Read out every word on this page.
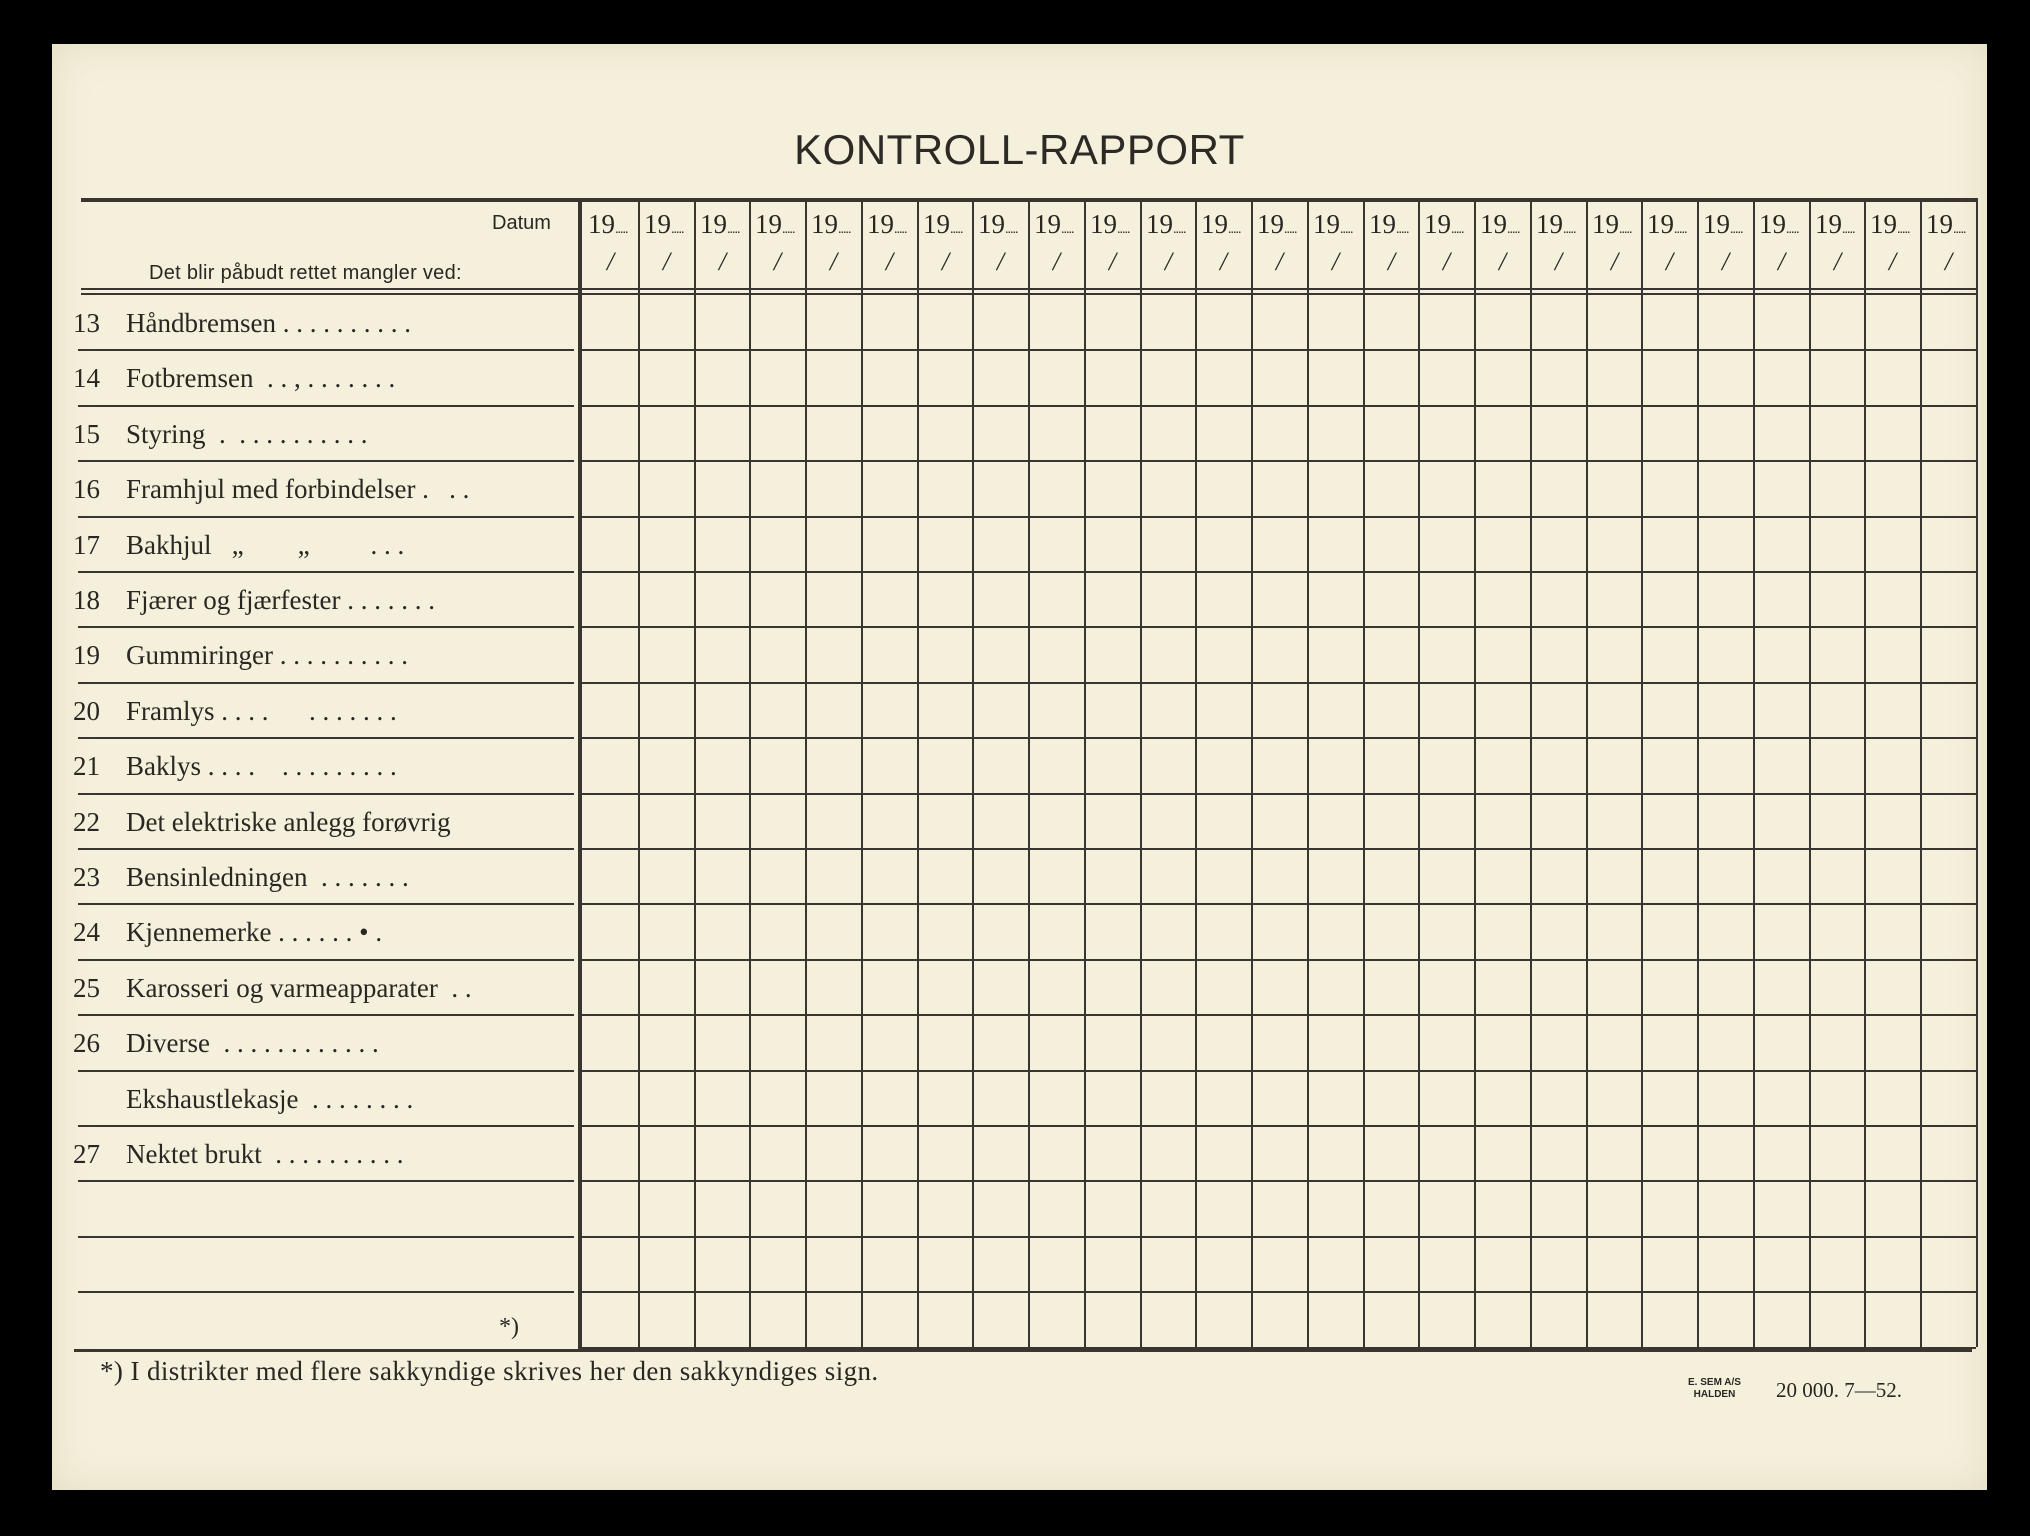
KONTROLL-RAPPORT
Datum
Det blir påbudt rettet mangler ved:
19.....
/
19.....
/
19.....
/
19.....
/
19.....
/
19.....
/
19.....
/
19.....
/
19.....
/
19.....
/
19.....
/
19.....
/
19.....
/
19.....
/
19.....
/
19.....
/
19.....
/
19.....
/
19.....
/
19.....
/
19.....
/
19.....
/
19.....
/
19.....
/
19.....
/
13 Håndbremsen . . . . . . . . . .
14 Fotbremsen  . . , . . . . . . .
15 Styring  .  . . . . . . . . . .
16 Framhjul med forbindelser .   . .
17 Bakhjul   „        „         . . .
18 Fjærer og fjærfester . . . . . . .
19 Gummiringer . . . . . . . . . .
20 Framlys . . . .      . . . . . . .
21 Baklys . . . .    . . . . . . . . .
22 Det elektriske anlegg forøvrig
23 Bensinledningen  . . . . . . .
24 Kjennemerke . . . . . . • .
25 Karosseri og varmeapparater  . .
26 Diverse  . . . . . . . . . . . .
Ekshaustlekasje  . . . . . . . .
27 Nektet brukt  . . . . . . . . . .
*)
*) I distrikter med flere sakkyndige skrives her den sakkyndiges sign.	E. SEM A/S
HALDEN 20 000. 7—52.
